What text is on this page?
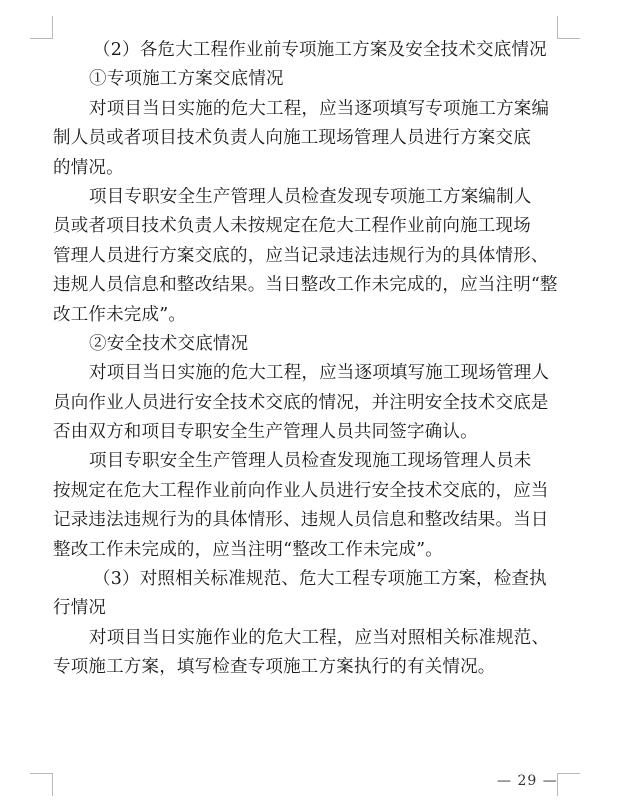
（2）各危大工程作业前专项施工方案及安全技术交底情况
①专项施工方案交底情况
对项目当日实施的危大工程，应当逐项填写专项施工方案编
制人员或者项目技术负责人向施工现场管理人员进行方案交底
的情况。
项目专职安全生产管理人员检查发现专项施工方案编制人
员或者项目技术负责人未按规定在危大工程作业前向施工现场
管理人员进行方案交底的，应当记录违法违规行为的具体情形、
违规人员信息和整改结果。当日整改工作未完成的，应当注明“整
改工作未完成”。
②安全技术交底情况
对项目当日实施的危大工程，应当逐项填写施工现场管理人
员向作业人员进行安全技术交底的情况，并注明安全技术交底是
否由双方和项目专职安全生产管理人员共同签字确认。
项目专职安全生产管理人员检查发现施工现场管理人员未
按规定在危大工程作业前向作业人员进行安全技术交底的，应当
记录违法违规行为的具体情形、违规人员信息和整改结果。当日
整改工作未完成的，应当注明“整改工作未完成”。
（3）对照相关标准规范、危大工程专项施工方案，检查执
行情况
对项目当日实施作业的危大工程，应当对照相关标准规范、
专项施工方案，填写检查专项施工方案执行的有关情况。
— 29 —
